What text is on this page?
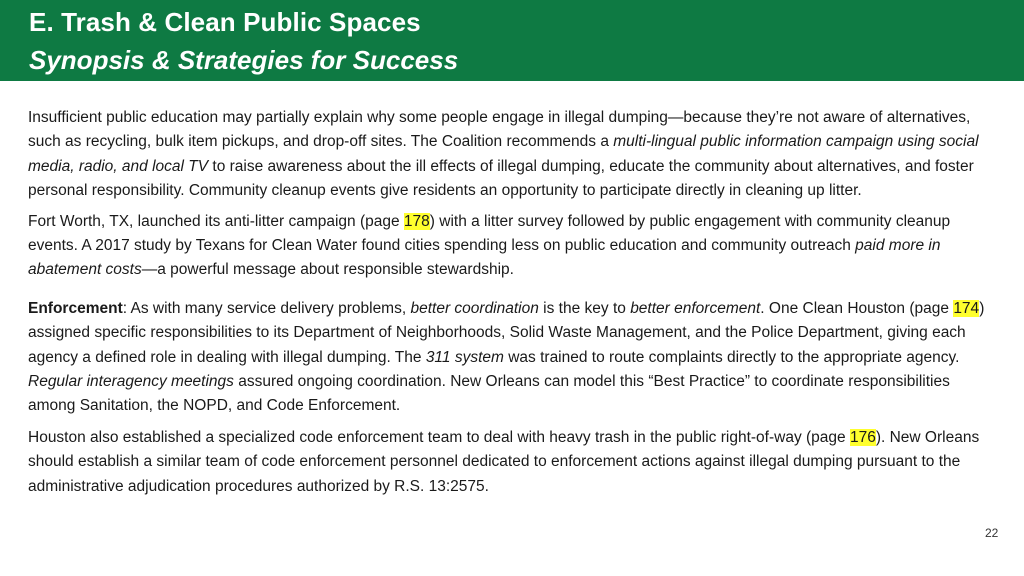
E. Trash & Clean Public Spaces
Synopsis & Strategies for Success

Insufficient public education may partially explain why some people engage in illegal dumping—because they’re not aware of alternatives, such as recycling, bulk item pickups, and drop-off sites. The Coalition recommends a multi-lingual public information campaign using social media, radio, and local TV to raise awareness about the ill effects of illegal dumping, educate the community about alternatives, and foster personal responsibility. Community cleanup events give residents an opportunity to participate directly in cleaning up litter.

Fort Worth, TX, launched its anti-litter campaign (page 178) with a litter survey followed by public engagement with community cleanup events. A 2017 study by Texans for Clean Water found cities spending less on public education and community outreach paid more in abatement costs—a powerful message about responsible stewardship.

Enforcement: As with many service delivery problems, better coordination is the key to better enforcement. One Clean Houston (page 174) assigned specific responsibilities to its Department of Neighborhoods, Solid Waste Management, and the Police Department, giving each agency a defined role in dealing with illegal dumping. The 311 system was trained to route complaints directly to the appropriate agency. Regular interagency meetings assured ongoing coordination. New Orleans can model this “Best Practice” to coordinate responsibilities among Sanitation, the NOPD, and Code Enforcement.

Houston also established a specialized code enforcement team to deal with heavy trash in the public right-of-way (page 176). New Orleans should establish a similar team of code enforcement personnel dedicated to enforcement actions against illegal dumping pursuant to the administrative adjudication procedures authorized by R.S. 13:2575.

22
